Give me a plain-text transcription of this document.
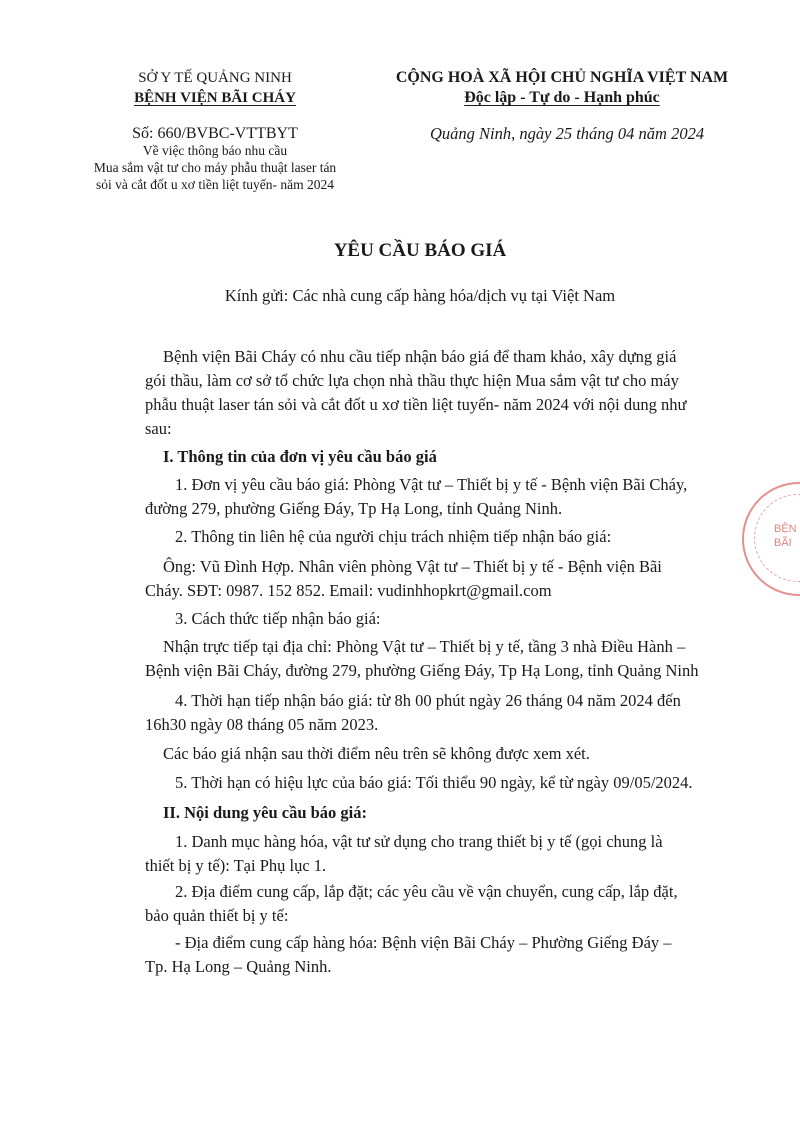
SỞ Y TẾ QUẢNG NINH
BỆNH VIỆN BÃI CHÁY
CỘNG HOÀ XÃ HỘI CHỦ NGHĨA VIỆT NAM
Độc lập - Tự do - Hạnh phúc
Số: 660/BVBC-VTTBYT	Quảng Ninh, ngày 25 tháng 04 năm 2024
Về việc thông báo nhu cầu
Mua sắm vật tư cho máy phẫu thuật laser tán
sỏi và cắt đốt u xơ tiền liệt tuyến- năm 2024
YÊU CẦU BÁO GIÁ
Kính gửi: Các nhà cung cấp hàng hóa/dịch vụ tại Việt Nam
Bệnh viện Bãi Cháy có nhu cầu tiếp nhận báo giá để tham khảo, xây dựng giá
gói thầu, làm cơ sở tổ chức lựa chọn nhà thầu thực hiện Mua sắm vật tư cho máy
phẫu thuật laser tán sỏi và cắt đốt u xơ tiền liệt tuyến- năm 2024 với nội dung như
sau:
I. Thông tin của đơn vị yêu cầu báo giá
1. Đơn vị yêu cầu báo giá: Phòng Vật tư – Thiết bị y tế - Bệnh viện Bãi Cháy,
đường 279, phường Giếng Đáy, Tp Hạ Long, tỉnh Quảng Ninh.
2. Thông tin liên hệ của người chịu trách nhiệm tiếp nhận báo giá:
Ông: Vũ Đình Hợp. Nhân viên phòng Vật tư – Thiết bị y tế - Bệnh viện Bãi
Cháy. SĐT: 0987. 152 852. Email: vudinhhopkrt@gmail.com
3. Cách thức tiếp nhận báo giá:
Nhận trực tiếp tại địa chỉ: Phòng Vật tư – Thiết bị y tế, tầng 3 nhà Điều Hành –
Bệnh viện Bãi Cháy, đường 279, phường Giếng Đáy, Tp Hạ Long, tỉnh Quảng Ninh
4. Thời hạn tiếp nhận báo giá: từ 8h 00 phút ngày 26 tháng 04 năm 2024 đến
16h30 ngày 08 tháng 05 năm 2023.
Các báo giá nhận sau thời điểm nêu trên sẽ không được xem xét.
5. Thời hạn có hiệu lực của báo giá: Tối thiểu 90 ngày, kể từ ngày 09/05/2024.
II. Nội dung yêu cầu báo giá:
1. Danh mục hàng hóa, vật tư sử dụng cho trang thiết bị y tế (gọi chung là
thiết bị y tế): Tại Phụ lục 1.
2. Địa điểm cung cấp, lắp đặt; các yêu cầu về vận chuyển, cung cấp, lắp đặt,
bảo quản thiết bị y tế:
- Địa điểm cung cấp hàng hóa: Bệnh viện Bãi Cháy – Phường Giếng Đáy –
Tp. Hạ Long – Quảng Ninh.
BỆN
BÃI
